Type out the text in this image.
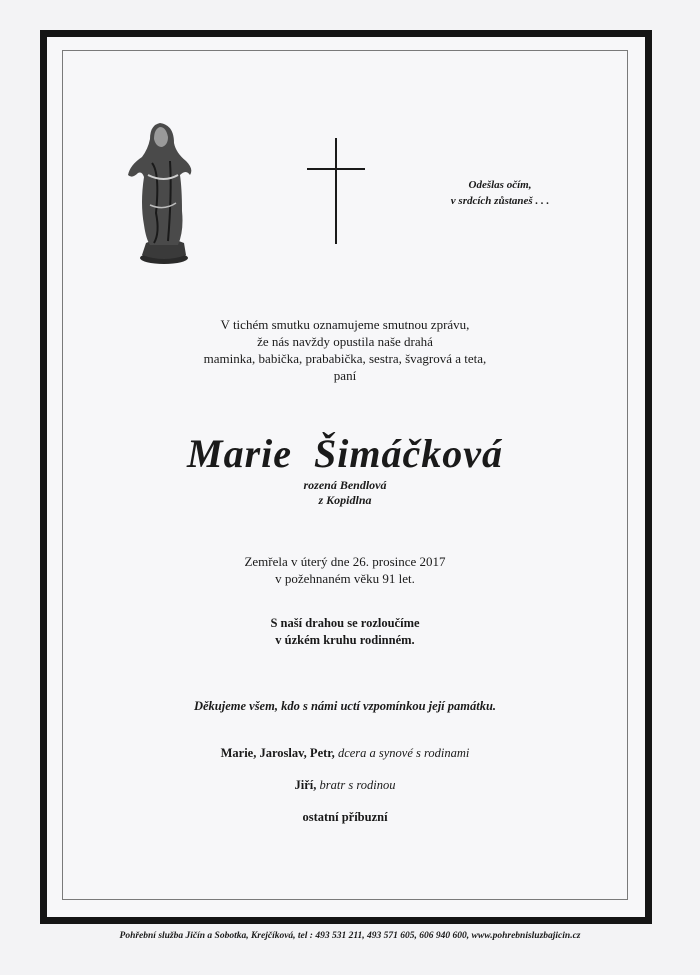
Odešlas očím,
v srdcích zůstaneš . . .
V tichém smutku oznamujeme smutnou zprávu,
že nás navždy opustila naše drahá
maminka, babička, prababička, sestra, švagrová a teta,
paní
Marie  Šimáčková
rozená Bendlová
z Kopidlna
Zemřela v úterý dne 26. prosince 2017
v požehnaném věku 91 let.
S naší drahou se rozloučíme
v úzkém kruhu rodinném.
Děkujeme všem, kdo s námi uctí vzpomínkou její památku.
Marie, Jaroslav, Petr, dcera a synové s rodinami
Jiří, bratr s rodinou
ostatní příbuzní
Pohřební služba Jičín a Sobotka, Krejčíková, tel : 493 531 211, 493 571 605, 606 940 600, www.pohrebnisluzbajicin.cz
